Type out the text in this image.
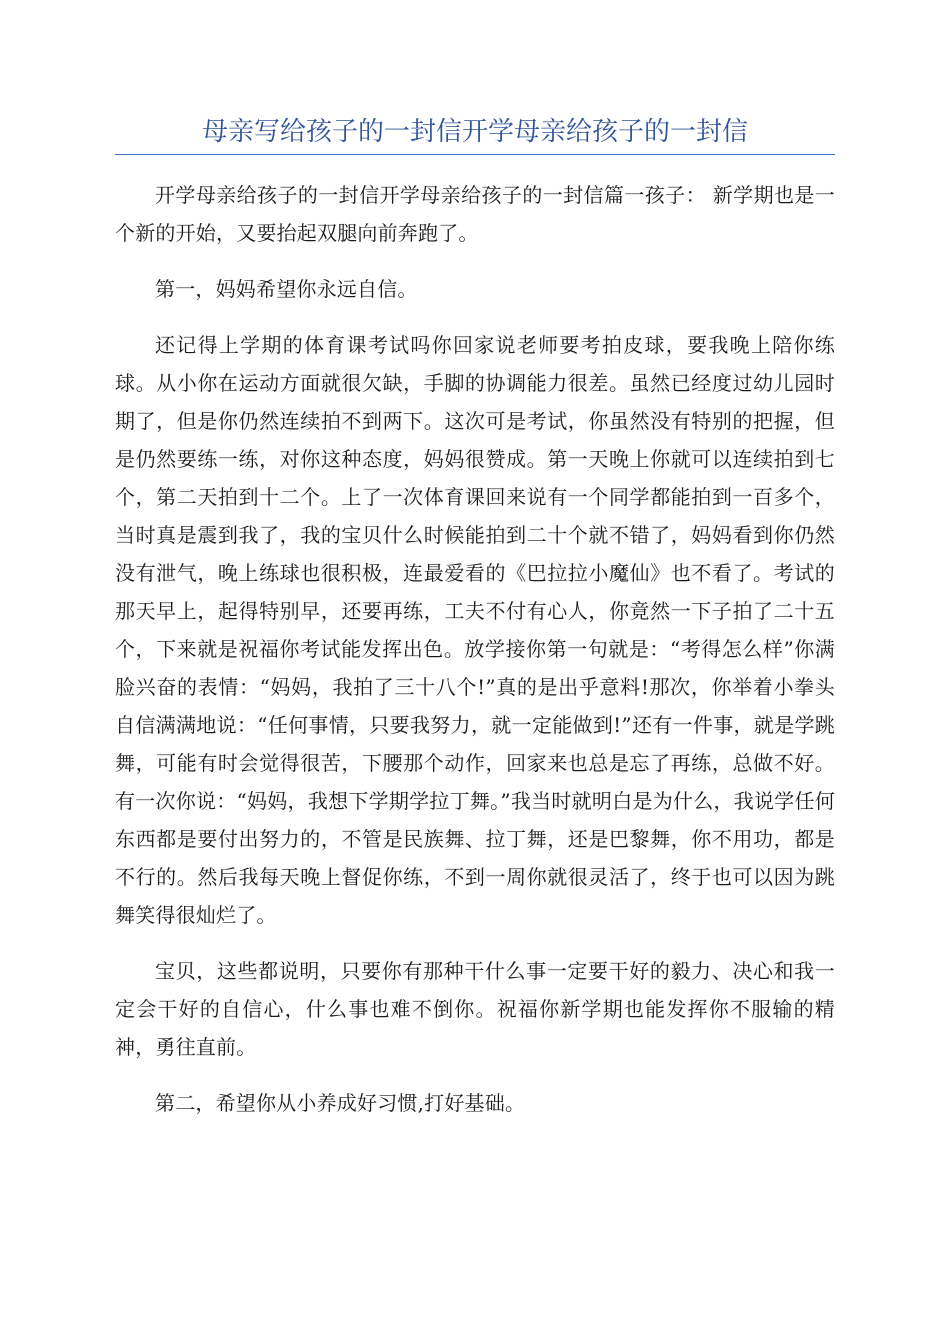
母亲写给孩子的一封信开学母亲给孩子的一封信

开学母亲给孩子的一封信开学母亲给孩子的一封信篇一孩子： 新学期也是一个新的开始，又要抬起双腿向前奔跑了。

第一，妈妈希望你永远自信。

还记得上学期的体育课考试吗你回家说老师要考拍皮球，要我晚上陪你练球。从小你在运动方面就很欠缺，手脚的协调能力很差。虽然已经度过幼儿园时期了，但是你仍然连续拍不到两下。这次可是考试，你虽然没有特别的把握，但是仍然要练一练，对你这种态度，妈妈很赞成。第一天晚上你就可以连续拍到七个，第二天拍到十二个。上了一次体育课回来说有一个同学都能拍到一百多个，当时真是震到我了，我的宝贝什么时候能拍到二十个就不错了，妈妈看到你仍然没有泄气，晚上练球也很积极，连最爱看的《巴拉拉小魔仙》也不看了。考试的那天早上，起得特别早，还要再练，工夫不付有心人，你竟然一下子拍了二十五个，下来就是祝福你考试能发挥出色。放学接你第一句就是：“考得怎么样”你满脸兴奋的表情：“妈妈，我拍了三十八个!”真的是出乎意料!那次，你举着小拳头自信满满地说：“任何事情，只要我努力，就一定能做到!”还有一件事，就是学跳舞，可能有时会觉得很苦，下腰那个动作，回家来也总是忘了再练，总做不好。有一次你说：“妈妈，我想下学期学拉丁舞。”我当时就明白是为什么，我说学任何东西都是要付出努力的，不管是民族舞、拉丁舞，还是巴黎舞，你不用功，都是不行的。然后我每天晚上督促你练，不到一周你就很灵活了，终于也可以因为跳舞笑得很灿烂了。

宝贝，这些都说明，只要你有那种干什么事一定要干好的毅力、决心和我一定会干好的自信心，什么事也难不倒你。祝福你新学期也能发挥你不服输的精神，勇往直前。

第二，希望你从小养成好习惯,打好基础。
